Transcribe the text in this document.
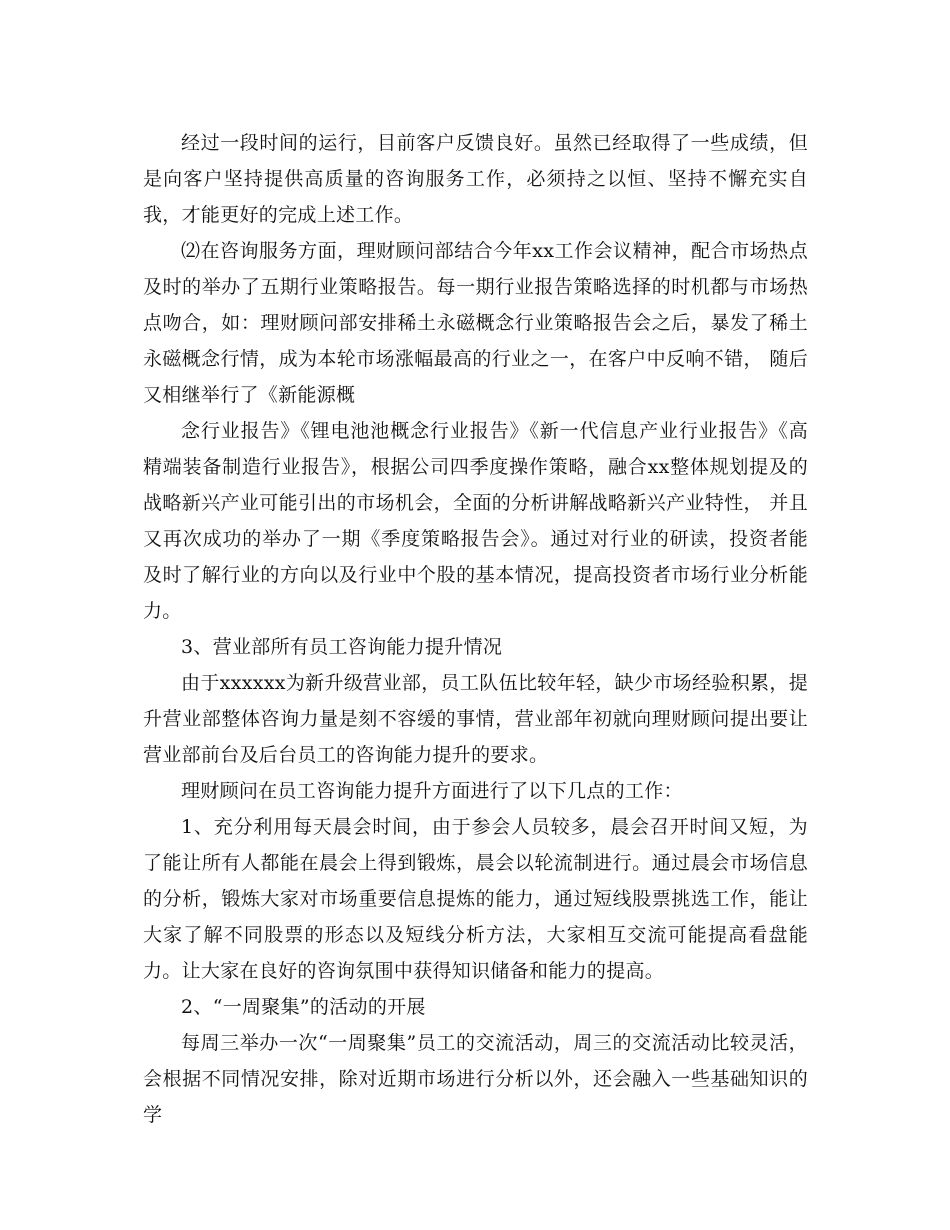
经过一段时间的运行，目前客户反馈良好。虽然已经取得了一些成绩，但是向客户坚持提供高质量的咨询服务工作，必须持之以恒、坚持不懈充实自我，才能更好的完成上述工作。

⑵在咨询服务方面，理财顾问部结合今年xx工作会议精神，配合市场热点及时的举办了五期行业策略报告。每一期行业报告策略选择的时机都与市场热点吻合，如：理财顾问部安排稀土永磁概念行业策略报告会之后，暴发了稀土永磁概念行情，成为本轮市场涨幅最高的行业之一，在客户中反响不错， 随后又相继举行了《新能源概

念行业报告》《锂电池池概念行业报告》《新一代信息产业行业报告》《高精端装备制造行业报告》，根据公司四季度操作策略，融合xx整体规划提及的战略新兴产业可能引出的市场机会，全面的分析讲解战略新兴产业特性， 并且又再次成功的举办了一期《季度策略报告会》。通过对行业的研读，投资者能及时了解行业的方向以及行业中个股的基本情况，提高投资者市场行业分析能力。

3、营业部所有员工咨询能力提升情况

由于xxxxxx为新升级营业部，员工队伍比较年轻，缺少市场经验积累，提升营业部整体咨询力量是刻不容缓的事情，营业部年初就向理财顾问提出要让营业部前台及后台员工的咨询能力提升的要求。

理财顾问在员工咨询能力提升方面进行了以下几点的工作：

1、充分利用每天晨会时间，由于参会人员较多，晨会召开时间又短，为了能让所有人都能在晨会上得到锻炼，晨会以轮流制进行。通过晨会市场信息的分析，锻炼大家对市场重要信息提炼的能力，通过短线股票挑选工作，能让大家了解不同股票的形态以及短线分析方法，大家相互交流可能提高看盘能力。让大家在良好的咨询氛围中获得知识储备和能力的提高。

2、“一周聚集”的活动的开展

每周三举办一次“一周聚集”员工的交流活动，周三的交流活动比较灵活，会根据不同情况安排，除对近期市场进行分析以外，还会融入一些基础知识的学
